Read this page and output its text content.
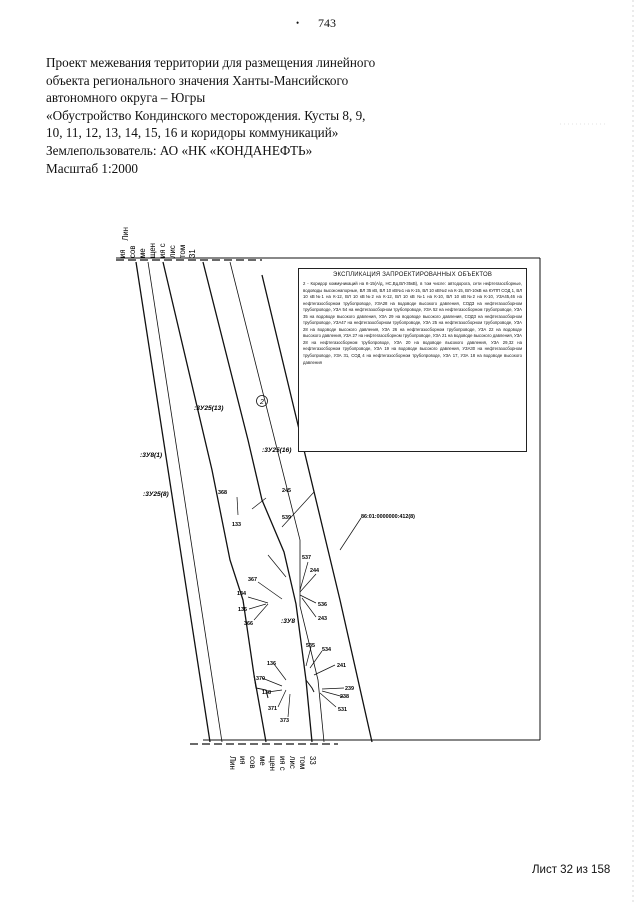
• 743
Проект межевания территории для размещения линейного
объекта регионального значения Ханты-Мансийского
автономного округа – Югры
«Обустройство Кондинского месторождения. Кусты 8, 9,
10, 11, 12, 13, 14, 15, 16 и коридоры коммуникаций»
Землепользователь: АО «НК «КОНДАНЕФТЬ»
Масштаб 1:2000
2
:3У25(13)
:3У8(1)
:3У25(8)
:3У25(16)
:3У8
86:01:0000000:412(8)
368
133
245
539
537
244
367
134
135
366
536
243
535
534
241
136
370
138
371
373
239
238
531
Лин
ия сов ме щен ия с лис том 31
Лин ия сов ме щен ия с лис том 33
ЭКСПЛИКАЦИЯ ЗАПРОЕКТИРОВАННЫХ ОБЪЕКТОВ
2 - Коридор коммуникаций на К-15(А/д, НС,Вд,ВЛ-35кВ), в том числе: автодорога, сети нефтегазосборные, водоводы высоконапорные, ВЛ 35 кВ, ВЛ 10 кВ№1 на К-15, ВЛ 10 кВ№2 на К-15, ВЛ-10кВ на КУПП СОД 1, ВЛ 10 кВ№1 на К-12, ВЛ 10 кВ№2 на К-12, ВЛ 10 кВ №1 на К-10, ВЛ 10 кВ№2 на К-10, УЗА45,46 на нефтегазосборном трубопроводе, УЗА28 на водоводе высокого давления, СОДЗ на нефтегазосборном трубопроводе, УЗА 54 на нефтегазосборном трубопроводе, УЗА 52 на нефтегазосборном трубопроводе, УЗА 35 на водоводе высокого давления, УЗА 29 на водоводе высокого давления, СОД3 на нефтегазосборном трубопроводе, УЗА47 на нефтегазосборном трубопроводе, УЗА 25 на нефтегазосборном трубопроводе, УЗА 28 на водоводе высокого давления, УЗА 26 на нефтегазосборном трубопроводе, УЗА 22 на водоводе высокого давления, УЗА 27 на нефтегазосборном трубопроводе, УЗА 21 на водоводе высокого давления, УЗА 28 на нефтегазосборном трубопроводе, УЗА 20 на водоводе высокого давления, УЗА 29,32 на нефтегазосборном трубопроводе, УЗА 19 на водоводе высокого давления, УЗА30 на нефтегазосборном трубопроводе, УЗА 31, СОД 4 на нефтегазосборном трубопроводе, УЗА 17, УЗА 18 на водоводе высокого давления
Лист 32 из 158
